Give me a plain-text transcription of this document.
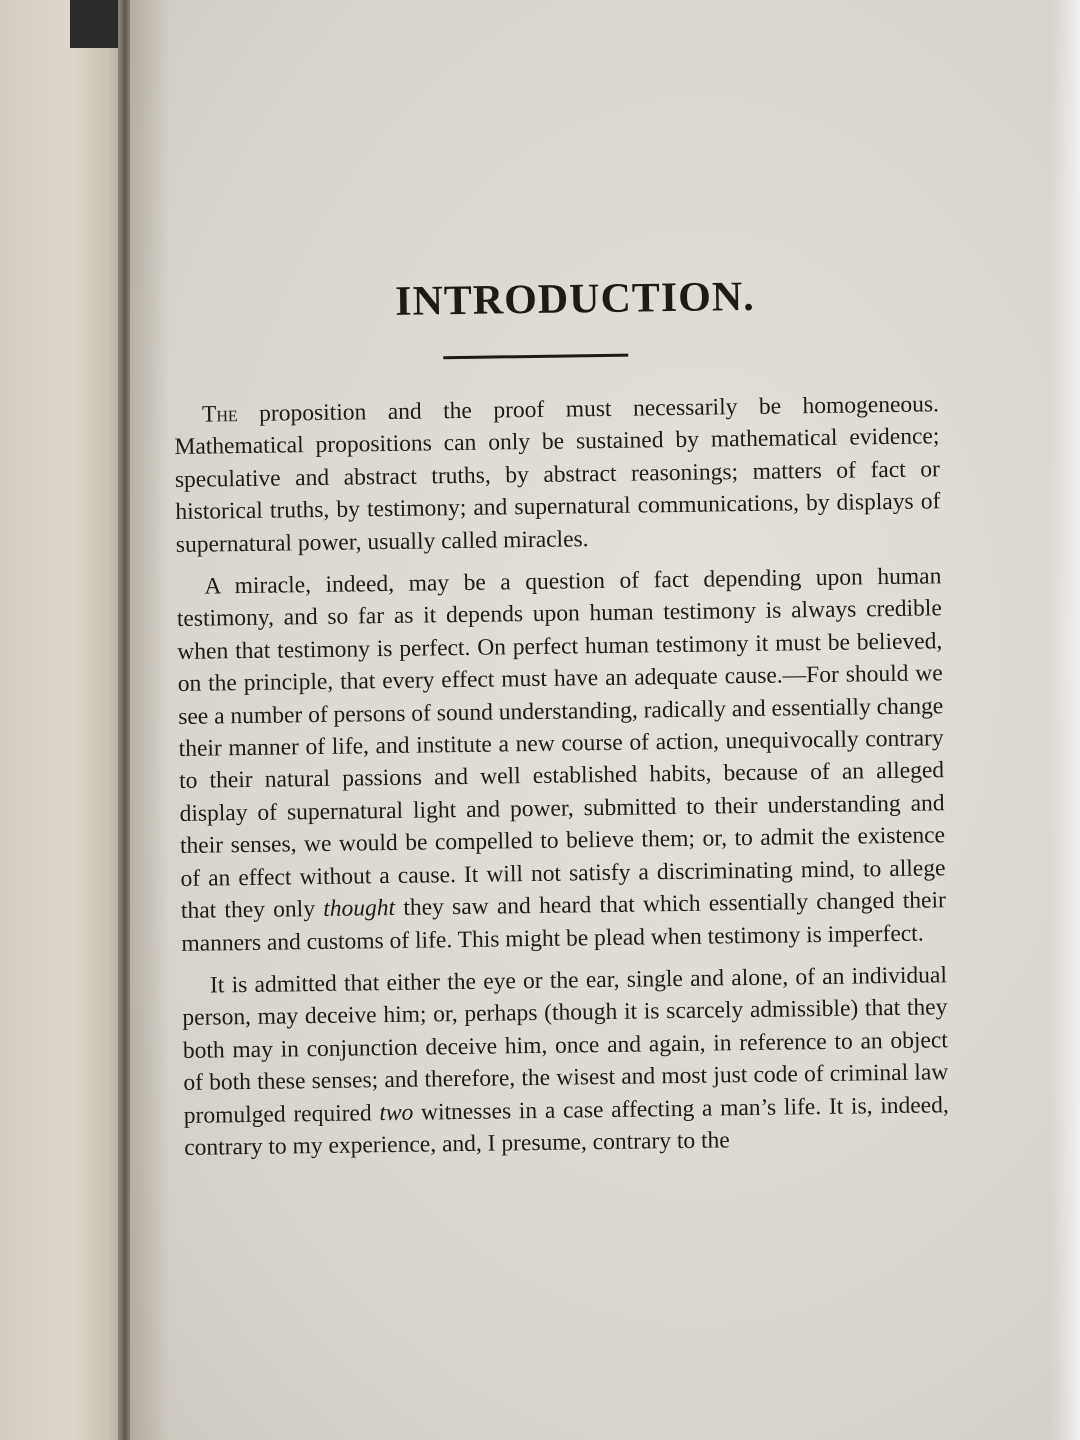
INTRODUCTION.

The proposition and the proof must necessarily be homogeneous. Mathematical propositions can only be sustained by mathematical evidence; speculative and abstract truths, by abstract reasonings; matters of fact or historical truths, by testimony; and supernatural communications, by displays of supernatural power, usually called miracles.

A miracle, indeed, may be a question of fact depending upon human testimony, and so far as it depends upon human testimony is always credible when that testimony is perfect. On perfect human testimony it must be believed, on the principle, that every effect must have an adequate cause.—For should we see a number of persons of sound understanding, radically and essentially change their manner of life, and institute a new course of action, unequivocally contrary to their natural passions and well established habits, because of an alleged display of supernatural light and power, submitted to their understanding and their senses, we would be compelled to believe them; or, to admit the existence of an effect without a cause. It will not satisfy a discriminating mind, to allege that they only thought they saw and heard that which essentially changed their manners and customs of life. This might be plead when testimony is imperfect.

It is admitted that either the eye or the ear, single and alone, of an individual person, may deceive him; or, perhaps (though it is scarcely admissible) that they both may in conjunction deceive him, once and again, in reference to an object of both these senses; and therefore, the wisest and most just code of criminal law promulged required two witnesses in a case affecting a man’s life. It is, indeed, contrary to my experience, and, I presume, contrary to the
